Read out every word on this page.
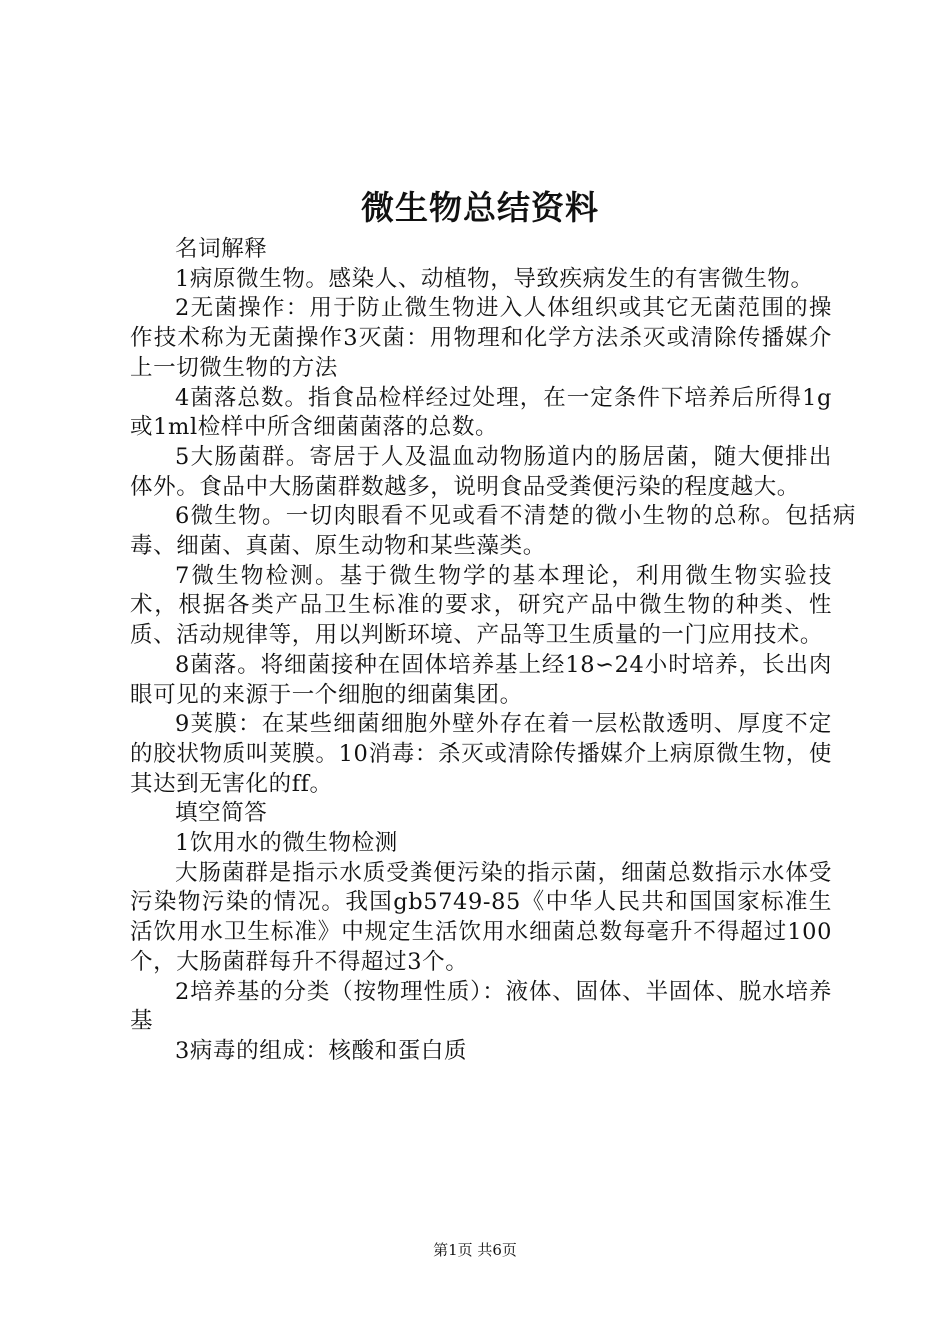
微生物总结资料

名词解释

1病原微生物。感染人、动植物，导致疾病发生的有害微生物。

2无菌操作：用于防止微生物进入人体组织或其它无菌范围的操作技术称为无菌操作3灭菌：用物理和化学方法杀灭或清除传播媒介上一切微生物的方法

4菌落总数。指食品检样经过处理，在一定条件下培养后所得1g或1ml检样中所含细菌菌落的总数。

5大肠菌群。寄居于人及温血动物肠道内的肠居菌，随大便排出体外。食品中大肠菌群数越多，说明食品受粪便污染的程度越大。

6微生物。一切肉眼看不见或看不清楚的微小生物的总称。包括病毒、细菌、真菌、原生动物和某些藻类。

7微生物检测。基于微生物学的基本理论，利用微生物实验技术，根据各类产品卫生标准的要求，研究产品中微生物的种类、性质、活动规律等，用以判断环境、产品等卫生质量的一门应用技术。

8菌落。将细菌接种在固体培养基上经18∽24小时培养，长出肉眼可见的来源于一个细胞的细菌集团。

9荚膜：在某些细菌细胞外壁外存在着一层松散透明、厚度不定的胶状物质叫荚膜。10消毒：杀灭或清除传播媒介上病原微生物，使其达到无害化的ff。

填空简答

1饮用水的微生物检测

大肠菌群是指示水质受粪便污染的指示菌，细菌总数指示水体受污染物污染的情况。我国gb5749-85《中华人民共和国国家标准生活饮用水卫生标准》中规定生活饮用水细菌总数每毫升不得超过100个，大肠菌群每升不得超过3个。

2培养基的分类（按物理性质）：液体、固体、半固体、脱水培养基

3病毒的组成：核酸和蛋白质

第1页 共6页
